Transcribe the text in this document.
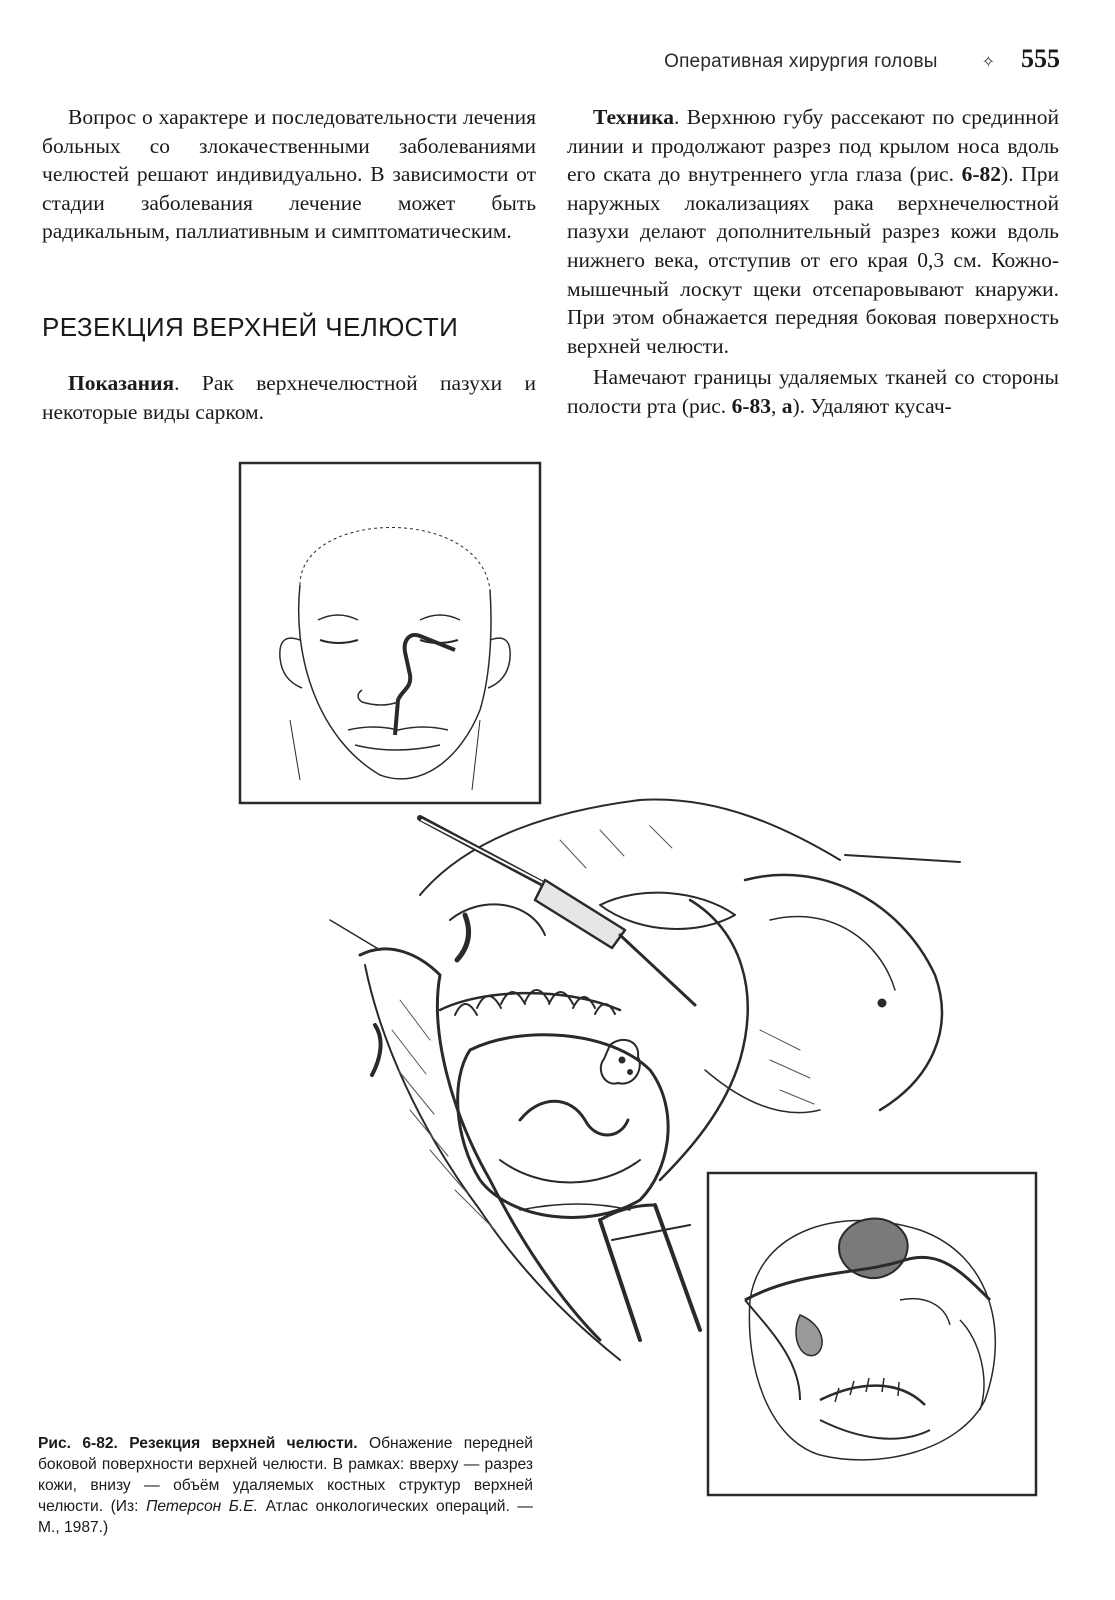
Оперативная хирургия головы	✧ 555

Вопрос о характере и последовательности лечения больных со злокачественными заболеваниями челюстей решают индивидуально. В зависимости от стадии заболевания лечение может быть радикальным, паллиативным и симптоматическим.

РЕЗЕКЦИЯ ВЕРХНЕЙ ЧЕЛЮСТИ

Показания. Рак верхнечелюстной пазухи и некоторые виды сарком.

Техника. Верхнюю губу рассекают по срединной линии и продолжают разрез под крылом носа вдоль его ската до внутреннего угла глаза (рис. 6-82). При наружных локализациях рака верхнечелюстной пазухи делают дополнительный разрез кожи вдоль нижнего века, отступив от его края 0,3 см. Кожно-мышечный лоскут щеки отсепаровывают кнаружи. При этом обнажается передняя боковая поверхность верхней челюсти.

Намечают границы удаляемых тканей со стороны полости рта (рис. 6-83, а). Удаляют кусач-

Рис. 6-82. Резекция верхней челюсти. Обнажение передней боковой поверхности верхней челюсти. В рамках: вверху — разрез кожи, внизу — объём удаляемых костных структур верхней челюсти. (Из: Петерсон Б.Е. Атлас онкологических операций. — М., 1987.)
